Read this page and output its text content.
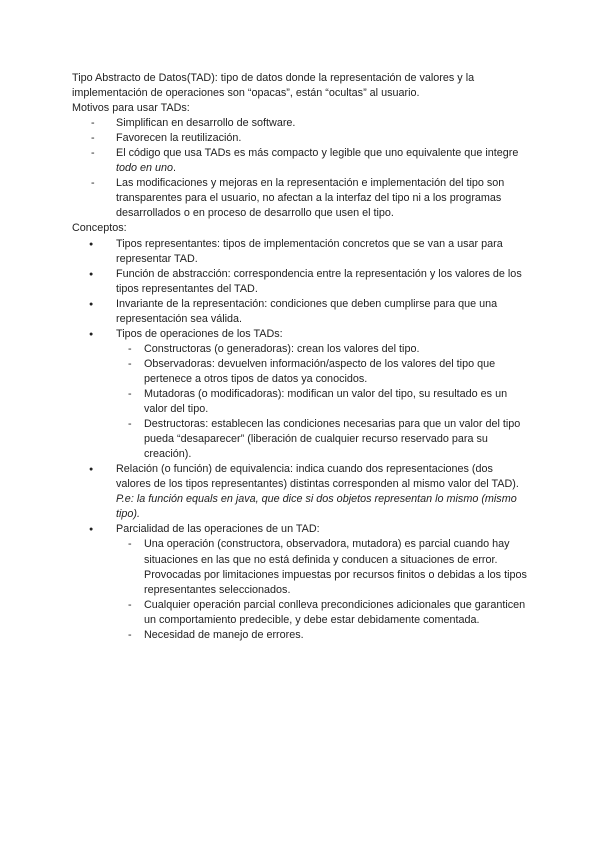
Tipo Abstracto de Datos(TAD): tipo de datos donde la representación de valores y la implementación de operaciones son “opacas”, están “ocultas” al usuario.

Motivos para usar TADs:

- Simplifican en desarrollo de software.
- Favorecen la reutilización.
- El código que usa TADs es más compacto y legible que uno equivalente que integre todo en uno.
- Las modificaciones y mejoras en la representación e implementación del tipo son transparentes para el usuario, no afectan a la interfaz del tipo ni a los programas desarrollados o en proceso de desarrollo que usen el tipo.

Conceptos:

● Tipos representantes: tipos de implementación concretos que se van a usar para representar TAD.
● Función de abstracción: correspondencia entre la representación y los valores de los tipos representantes del TAD.
● Invariante de la representación: condiciones que deben cumplirse para que una representación sea válida.
● Tipos de operaciones de los TADs:
- Constructoras (o generadoras): crean los valores del tipo.
- Observadoras: devuelven información/aspecto de los valores del tipo que pertenece a otros tipos de datos ya conocidos.
- Mutadoras (o modificadoras): modifican un valor del tipo, su resultado es un valor del tipo.
- Destructoras: establecen las condiciones necesarias para que un valor del tipo pueda “desaparecer” (liberación de cualquier recurso reservado para su creación).
● Relación (o función) de equivalencia: indica cuando dos representaciones (dos valores de los tipos representantes) distintas corresponden al mismo valor del TAD).
P.e: la función equals en java, que dice si dos objetos representan lo mismo (mismo tipo).
● Parcialidad de las operaciones de un TAD:
- Una operación (constructora, observadora, mutadora) es parcial cuando hay situaciones en las que no está definida y conducen a situaciones de error. Provocadas por limitaciones impuestas por recursos finitos o debidas a los tipos representantes seleccionados.
- Cualquier operación parcial conlleva precondiciones adicionales que garanticen un comportamiento predecible, y debe estar debidamente comentada.
- Necesidad de manejo de errores.
